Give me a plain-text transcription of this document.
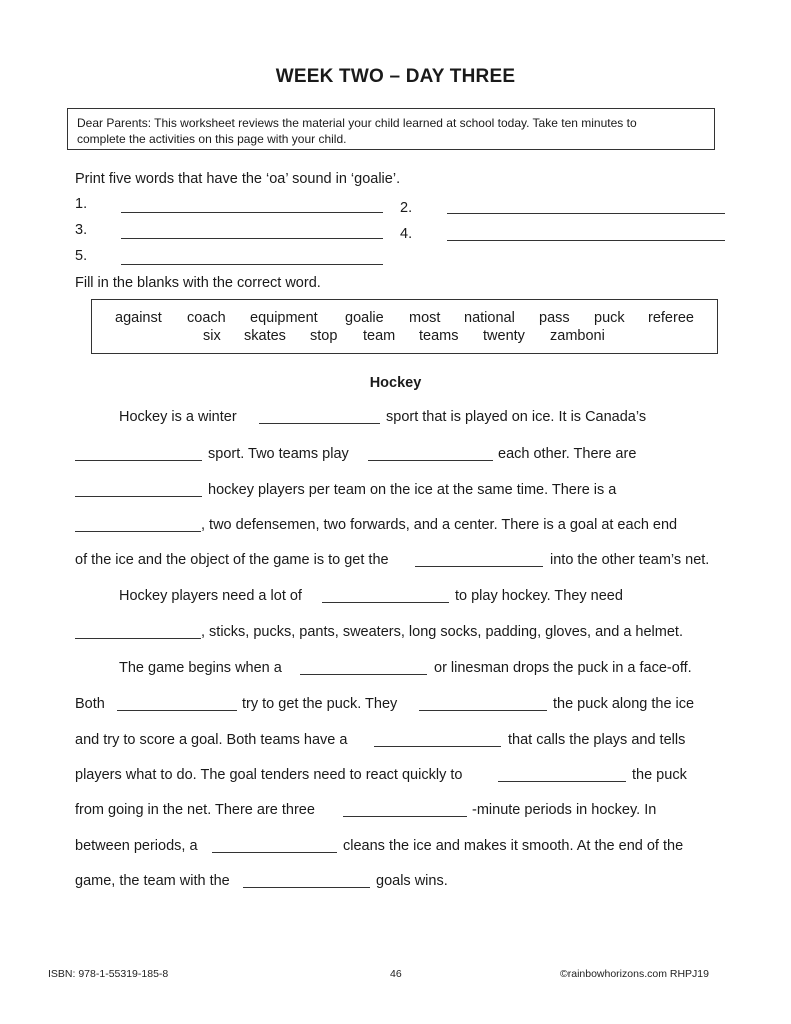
WEEK TWO – DAY THREE
Dear Parents: This worksheet reviews the material your child learned at school today. Take ten minutes to
complete the activities on this page with your child.
Print five words that have the ‘oa’ sound in ‘goalie’.
1.	2.
3.	4.
5.
Fill in the blanks with the correct word.
against coach equipment goalie most national pass puck referee
six skates stop team teams twenty zamboni
Hockey
Hockey is a winter	sport that is played on ice. It is Canada’s
sport. Two teams play	each other. There are
hockey players per team on the ice at the same time. There is a
, two defensemen, two forwards, and a center. There is a goal at each end
of the ice and the object of the game is to get the	into the other team’s net.
Hockey players need a lot of	to play hockey. They need
, sticks, pucks, pants, sweaters, long socks, padding, gloves, and a helmet.
The game begins when a	or linesman drops the puck in a face-off.
Both	try to get the puck. They	the puck along the ice
and try to score a goal. Both teams have a	that calls the plays and tells
players what to do. The goal tenders need to react quickly to	the puck
from going in the net. There are three	-minute periods in hockey. In
between periods, a	cleans the ice and makes it smooth. At the end of the
game, the team with the	goals wins.
ISBN: 978-1-55319-185-8	46	©rainbowhorizons.com RHPJ19
